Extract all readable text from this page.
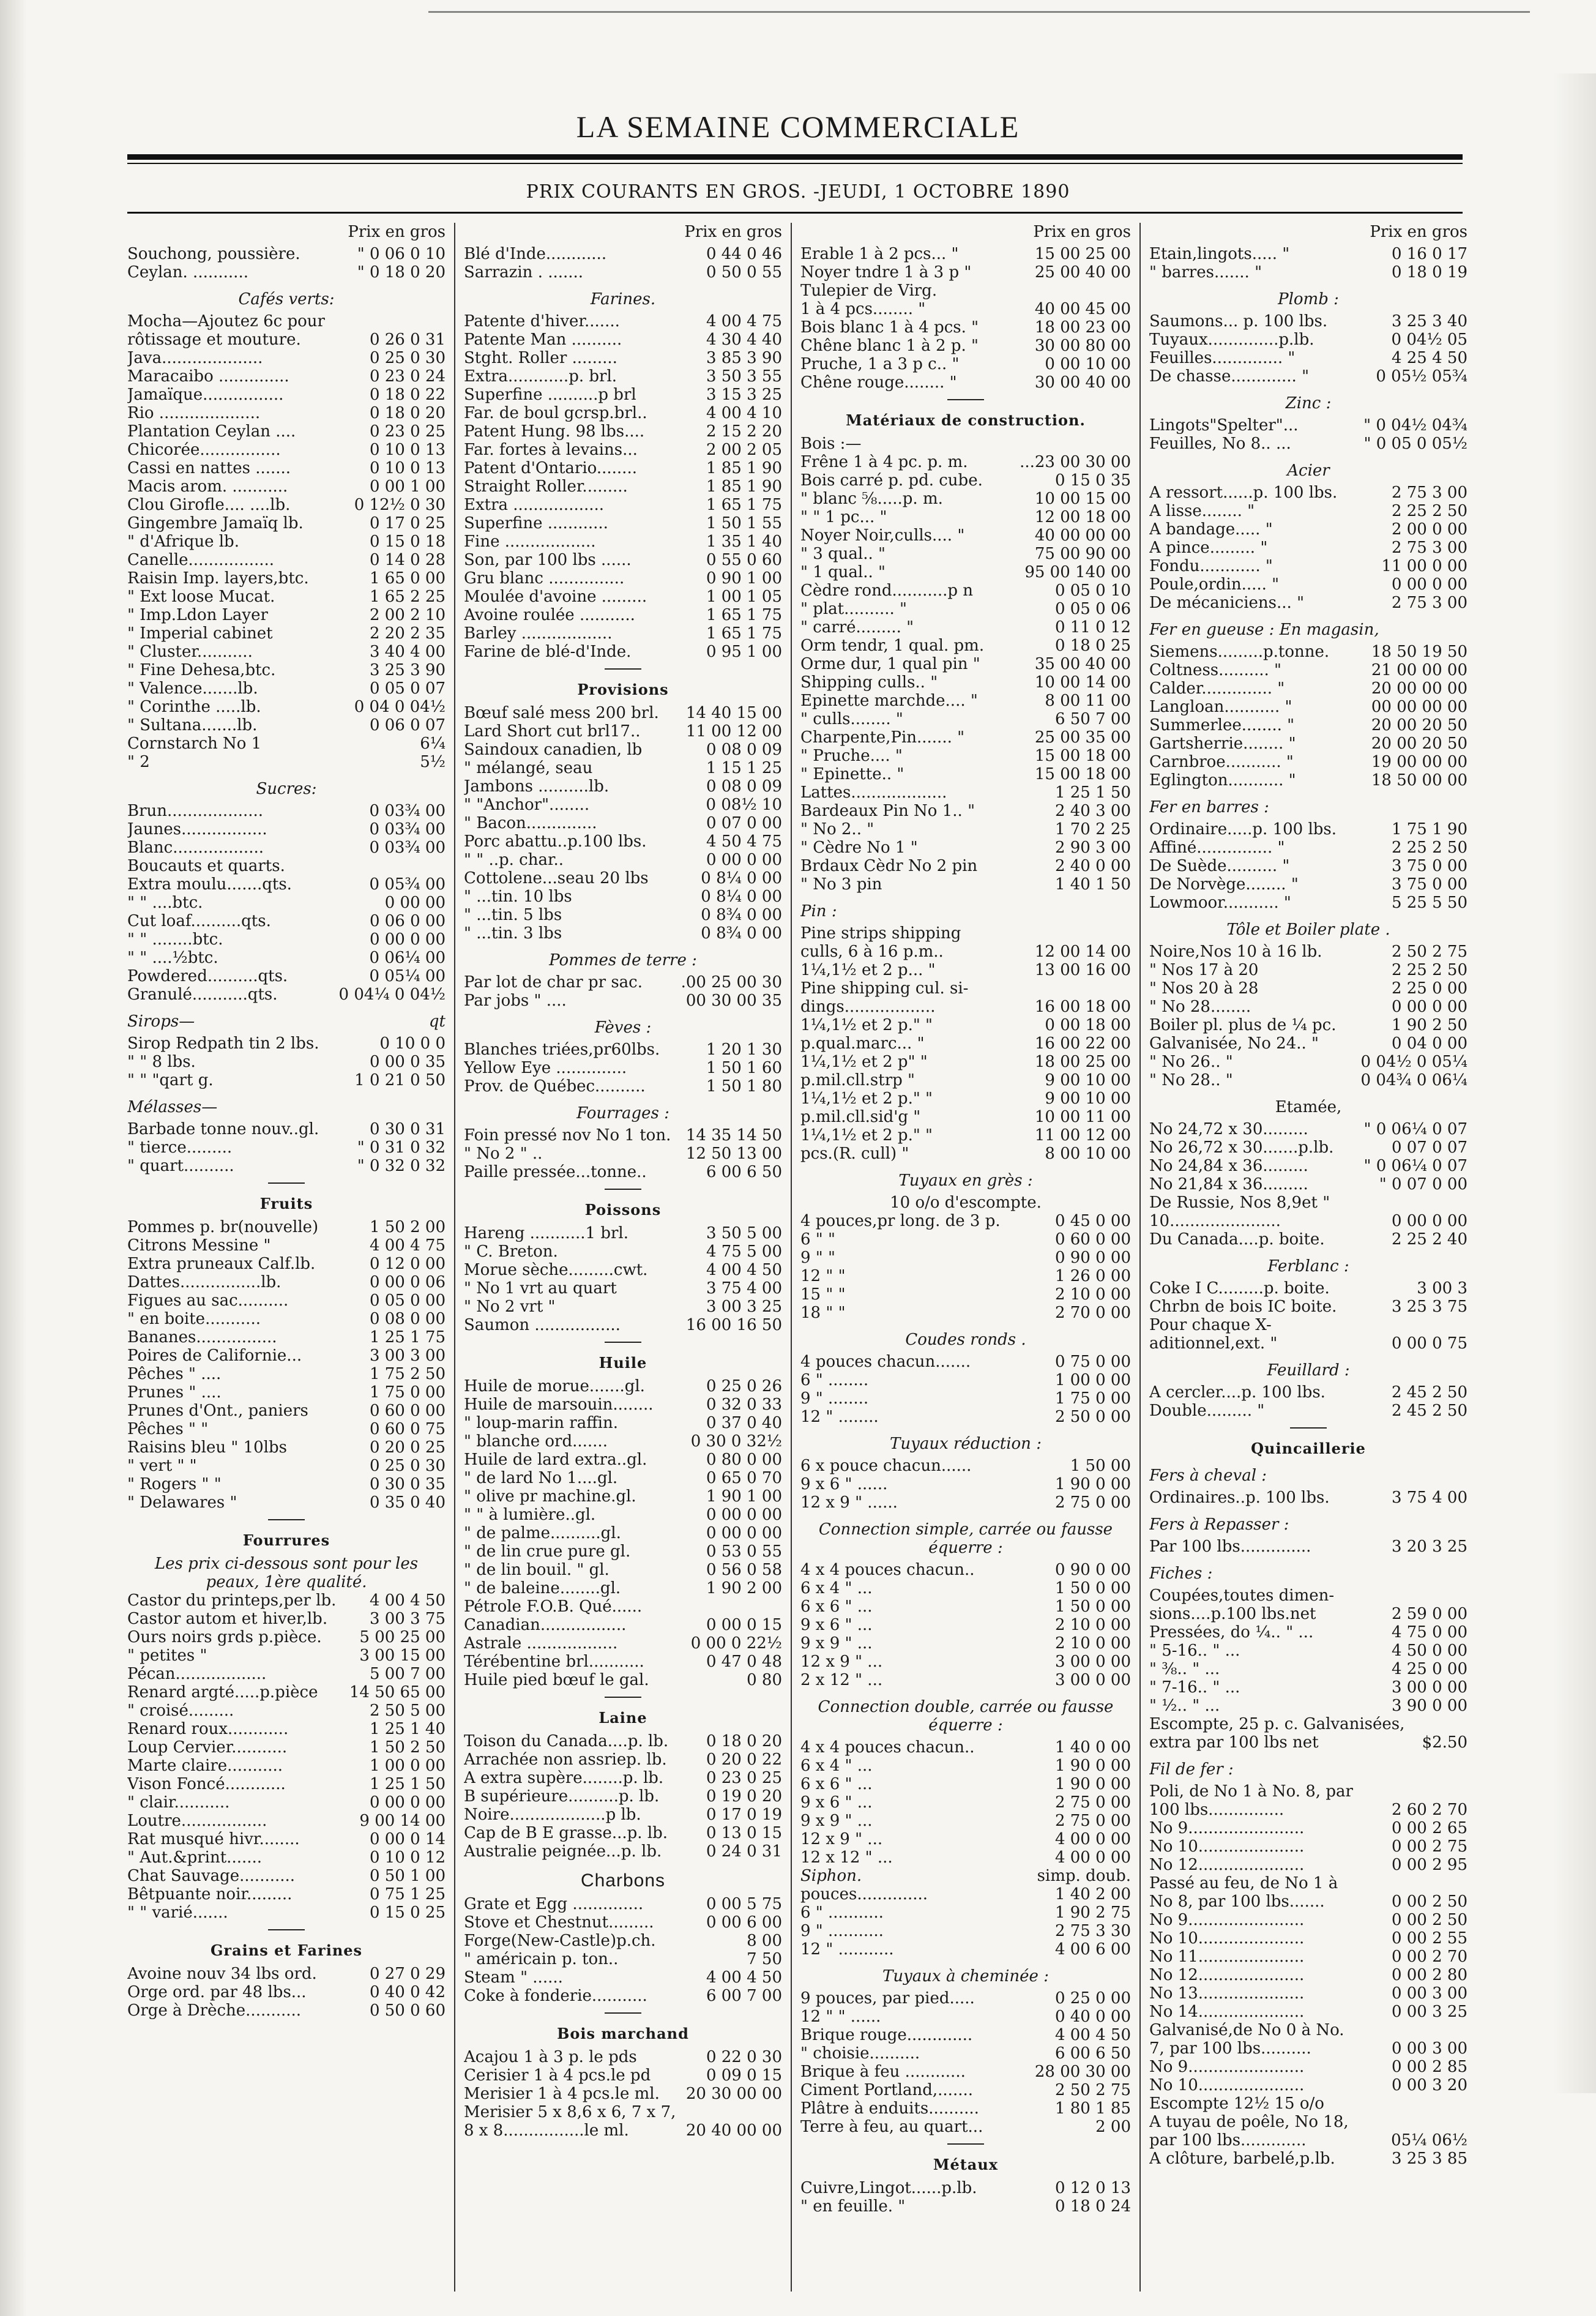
LA SEMAINE COMMERCIALE
PRIX COURANTS EN GROS. -JEUDI, 1 OCTOBRE 1890
Prix en gros
Souchong, poussière.	" 0 06 0 10
Ceylan. ...........	" 0 18 0 20
Cafés verts:
Mocha—Ajoutez 6c pour
rôtissage et mouture.	0 26 0 31
Java....................	0 25 0 30
Maracaibo ..............	0 23 0 24
Jamaïque................	0 18 0 22
Rio ....................	0 18 0 20
Plantation Ceylan ....	0 23 0 25
Chicorée................	0 10 0 13
Cassi en nattes .......	0 10 0 13
Macis arom. ...........	0 00 1 00
Clou Girofle.... ....lb.	0 12½ 0 30
Gingembre Jamaïq lb.	0 17 0 25
" d'Afrique lb.	0 15 0 18
Canelle.................	0 14 0 28
Raisin Imp. layers,btc.	1 65 0 00
" Ext loose Mucat.	1 65 2 25
" Imp.Ldon Layer	2 00 2 10
" Imperial cabinet	2 20 2 35
" Cluster...........	3 40 4 00
" Fine Dehesa,btc.	3 25 3 90
" Valence.......lb.	0 05 0 07
" Corinthe .....lb.	0 04 0 04½
" Sultana.......lb.	0 06 0 07
Cornstarch No 1	6¼
" 2	5½
Sucres:
Brun...................	0 03¾ 00
Jaunes.................	0 03¾ 00
Blanc..................	0 03¾ 00
Boucauts et quarts.
Extra moulu.......qts.	0 05¾ 00
" " ....btc.	0 00 00
Cut loaf..........qts.	0 06 0 00
" " ........btc.	0 00 0 00
" " ....½btc.	0 06¼ 00
Powdered..........qts.	0 05¼ 00
Granulé...........qts.	0 04¼ 0 04½
Sirops—	qt
Sirop Redpath tin 2 lbs.	0 10 0 0
" " 8 lbs.	0 00 0 35
" " "qart g.	1 0 21 0 50
Mélasses—
Barbade tonne nouv..gl.	0 30 0 31
" tierce.........	" 0 31 0 32
" quart..........	" 0 32 0 32
Fruits
Pommes p. br(nouvelle)	1 50 2 00
Citrons Messine "	4 00 4 75
Extra pruneaux Calf.lb.	0 12 0 00
Dattes................lb.	0 00 0 06
Figues au sac..........	0 05 0 00
" en boite...........	0 08 0 00
Bananes................	1 25 1 75
Poires de Californie...	3 00 3 00
Pêches " ....	1 75 2 50
Prunes " ....	1 75 0 00
Prunes d'Ont., paniers	0 60 0 00
Pêches " "	0 60 0 75
Raisins bleu " 10lbs	0 20 0 25
" vert " "	0 25 0 30
" Rogers " "	0 30 0 35
" Delawares "	0 35 0 40
Fourrures
Les prix ci-dessous sont pour les peaux, 1ère qualité.
Castor du printeps,per lb.	4 00 4 50
Castor autom et hiver,lb.	3 00 3 75
Ours noirs grds p.pièce.	5 00 25 00
" petites "	3 00 15 00
Pécan..................	5 00 7 00
Renard argté.....p.pièce	14 50 65 00
" croisé.........	2 50 5 00
Renard roux............	1 25 1 40
Loup Cervier...........	1 50 2 50
Marte claire...........	1 00 0 00
Vison Foncé............	1 25 1 50
" clair...........	0 00 0 00
Loutre.................	9 00 14 00
Rat musqué hivr........	0 00 0 14
" Aut.&print.......	0 10 0 12
Chat Sauvage...........	0 50 1 00
Bêtpuante noir.........	0 75 1 25
" " varié.......	0 15 0 25
Grains et Farines
Avoine nouv 34 lbs ord.	0 27 0 29
Orge ord. par 48 lbs...	0 40 0 42
Orge à Drèche...........	0 50 0 60
Prix en gros
Blé d'Inde............	0 44 0 46
Sarrazin . .......	0 50 0 55
Farines.
Patente d'hiver.......	4 00 4 75
Patente Man ..........	4 30 4 40
Stght. Roller .........	3 85 3 90
Extra............p. brl.	3 50 3 55
Superfine ..........p brl	3 15 3 25
Far. de boul gcrsp.brl..	4 00 4 10
Patent Hung. 98 lbs....	2 15 2 20
Far. fortes à levains...	2 00 2 05
Patent d'Ontario........	1 85 1 90
Straight Roller.........	1 85 1 90
Extra ..................	1 65 1 75
Superfine ............	1 50 1 55
Fine ..................	1 35 1 40
Son, par 100 lbs ......	0 55 0 60
Gru blanc ...............	0 90 1 00
Moulée d'avoine .........	1 00 1 05
Avoine roulée ...........	1 65 1 75
Barley ..................	1 65 1 75
Farine de blé-d'Inde.	0 95 1 00
Provisions
Bœuf salé mess 200 brl.	14 40 15 00
Lard Short cut brl17..	11 00 12 00
Saindoux canadien, lb	0 08 0 09
" mélangé, seau	1 15 1 25
Jambons ..........lb.	0 08 0 09
" "Anchor"........	0 08½ 10
" Bacon..............	0 07 0 00
Porc abattu..p.100 lbs.	4 50 4 75
" " ..p. char..	0 00 0 00
Cottolene...seau 20 lbs	0 8¼ 0 00
" ...tin. 10 lbs	0 8¼ 0 00
" ...tin. 5 lbs	0 8¾ 0 00
" ...tin. 3 lbs	0 8¾ 0 00
Pommes de terre :
Par lot de char pr sac.	.00 25 00 30
Par jobs " ....	00 30 00 35
Fèves :
Blanches triées,pr60lbs.	1 20 1 30
Yellow Eye ..............	1 50 1 60
Prov. de Québec..........	1 50 1 80
Fourrages :
Foin pressé nov No 1 ton. 14 35 14 50
" No 2 " ..	12 50 13 00
Paille pressée...tonne..	6 00 6 50
Poissons
Hareng ...........1 brl.	3 50 5 00
" C. Breton.	4 75 5 00
Morue sèche.........cwt.	4 00 4 50
" No 1 vrt au quart	3 75 4 00
" No 2 vrt "	3 00 3 25
Saumon .................	16 00 16 50
Huile
Huile de morue.......gl.	0 25 0 26
Huile de marsouin........	0 32 0 33
" loup-marin raffin.	0 37 0 40
" blanche ord.......	0 30 0 32½
Huile de lard extra..gl.	0 80 0 00
" de lard No 1....gl.	0 65 0 70
" olive pr machine.gl.	1 90 1 00
" " à lumière..gl.	0 00 0 00
" de palme..........gl.	0 00 0 00
" de lin crue pure gl.	0 53 0 55
" de lin bouil. " gl.	0 56 0 58
" de baleine........gl.	1 90 2 00
Pétrole F.O.B. Qué......
Canadian.................	0 00 0 15
Astrale ..................	0 00 0 22½
Térébentine brl...........	0 47 0 48
Huile pied bœuf le gal.	0 80
Laine
Toison du Canada....p. lb.	0 18 0 20
Arrachée non assriep. lb.	0 20 0 22
A extra supère........p. lb.	0 23 0 25
B supérieure..........p. lb.	0 19 0 20
Noire...................p lb.	0 17 0 19
Cap de B E grasse...p. lb.	0 13 0 15
Australie peignée...p. lb.	0 24 0 31
Charbons
Grate et Egg ..............	0 00 5 75
Stove et Chestnut.........	0 00 6 00
Forge(New-Castle)p.ch.	8 00
" américain p. ton..	7 50
Steam " ......	4 00 4 50
Coke à fonderie...........	6 00 7 00
Bois marchand
Acajou 1 à 3 p. le pds	0 22 0 30
Cerisier 1 à 4 pcs.le pd	0 09 0 15
Merisier 1 à 4 pcs.le ml.	20 30 00 00
Merisier 5 x 8,6 x 6, 7 x 7,
8 x 8................le ml.	20 40 00 00
Prix en gros
Erable 1 à 2 pcs... "	15 00 25 00
Noyer tndre 1 à 3 p "	25 00 40 00
Tulepier de Virg.
1 à 4 pcs........ "	40 00 45 00
Bois blanc 1 à 4 pcs. "	18 00 23 00
Chêne blanc 1 à 2 p. "	30 00 80 00
Pruche, 1 a 3 p c.. "	0 00 10 00
Chêne rouge........ "	30 00 40 00
Matériaux de construction.
Bois :—
Frêne 1 à 4 pc. p. m.	...23 00 30 00
Bois carré p. pd. cube.	0 15 0 35
" blanc ⅝.....p. m.	10 00 15 00
" " 1 pc... "	12 00 18 00
Noyer Noir,culls.... "	40 00 00 00
" 3 qual.. "	75 00 90 00
" 1 qual.. "	95 00 140 00
Cèdre rond...........p n	0 05 0 10
" plat.......... "	0 05 0 06
" carré......... "	0 11 0 12
Orm tendr, 1 qual. pm.	0 18 0 25
Orme dur, 1 qual pin "	35 00 40 00
Shipping culls.. "	10 00 14 00
Epinette marchde.... "	8 00 11 00
" culls........ "	6 50 7 00
Charpente,Pin....... "	25 00 35 00
" Pruche.... "	15 00 18 00
" Epinette.. "	15 00 18 00
Lattes...................	1 25 1 50
Bardeaux Pin No 1.. "	2 40 3 00
" No 2.. "	1 70 2 25
" Cèdre No 1 "	2 90 3 00
Brdaux Cèdr No 2 pin	2 40 0 00
" No 3 pin	1 40 1 50
Pin :
Pine strips shipping
culls, 6 à 16 p.m..	12 00 14 00
1¼,1½ et 2 p... "	13 00 16 00
Pine shipping cul. si-
dings..................	16 00 18 00
1¼,1½ et 2 p." "	0 00 18 00
p.qual.marc... "	16 00 22 00
1¼,1½ et 2 p" "	18 00 25 00
p.mil.cll.strp "	9 00 10 00
1¼,1½ et 2 p." "	9 00 10 00
p.mil.cll.sid'g "	10 00 11 00
1¼,1½ et 2 p." "	11 00 12 00
pcs.(R. cull) "	8 00 10 00
Tuyaux en grès :
10 o/o d'escompte.
4 pouces,pr long. de 3 p.	0 45 0 00
6 " "	0 60 0 00
9 " "	0 90 0 00
12 " "	1 26 0 00
15 " "	2 10 0 00
18 " "	2 70 0 00
Coudes ronds .
4 pouces chacun.......	0 75 0 00
6 " ........	1 00 0 00
9 " ........	1 75 0 00
12 " ........	2 50 0 00
Tuyaux réduction :
6 x pouce chacun......	1 50 00
9 x 6 " ......	1 90 0 00
12 x 9 " ......	2 75 0 00
Connection simple, carrée ou fausse équerre :
4 x 4 pouces chacun..	0 90 0 00
6 x 4 " ...	1 50 0 00
6 x 6 " ...	1 50 0 00
9 x 6 " ...	2 10 0 00
9 x 9 " ...	2 10 0 00
12 x 9 " ...	3 00 0 00
2 x 12 " ...	3 00 0 00
Connection double, carrée ou fausse équerre :
4 x 4 pouces chacun..	1 40 0 00
6 x 4 " ...	1 90 0 00
6 x 6 " ...	1 90 0 00
9 x 6 " ...	2 75 0 00
9 x 9 " ...	2 75 0 00
12 x 9 " ...	4 00 0 00
12 x 12 " ...	4 00 0 00
Siphon.	simp. doub.
pouces..............	1 40 2 00
6 " ...........	1 90 2 75
9 " ...........	2 75 3 30
12 " ...........	4 00 6 00
Tuyaux à cheminée :
9 pouces, par pied.....	0 25 0 00
12 " " ......	0 40 0 00
Brique rouge.............	4 00 4 50
" choisie..........	6 00 6 50
Brique à feu ............	28 00 30 00
Ciment Portland,.......	2 50 2 75
Plâtre à enduits..........	1 80 1 85
Terre à feu, au quart...	2 00
Métaux
Cuivre,Lingot......p.lb.	0 12 0 13
" en feuille. "	0 18 0 24
Prix en gros
Etain,lingots..... "	0 16 0 17
" barres....... "	0 18 0 19
Plomb :
Saumons... p. 100 lbs.	3 25 3 40
Tuyaux..............p.lb.	0 04½ 05
Feuilles.............. "	4 25 4 50
De chasse............. "	0 05½ 05¾
Zinc :
Lingots"Spelter"...	" 0 04½ 04¾
Feuilles, No 8.. ...	" 0 05 0 05½
Acier
A ressort......p. 100 lbs.	2 75 3 00
A lisse........ "	2 25 2 50
A bandage..... "	2 00 0 00
A pince......... "	2 75 3 00
Fondu............ "	11 00 0 00
Poule,ordin..... "	0 00 0 00
De mécaniciens... "	2 75 3 00
Fer en gueuse : En magasin,
Siemens.........p.tonne.	18 50 19 50
Coltness.......... "	21 00 00 00
Calder.............. "	20 00 00 00
Langloan........... "	00 00 00 00
Summerlee........ "	20 00 20 50
Gartsherrie........ "	20 00 20 50
Carnbroe........... "	19 00 00 00
Eglington........... "	18 50 00 00
Fer en barres :
Ordinaire.....p. 100 lbs.	1 75 1 90
Affiné............... "	2 25 2 50
De Suède.......... "	3 75 0 00
De Norvège........ "	3 75 0 00
Lowmoor........... "	5 25 5 50
Tôle et Boiler plate .
Noire,Nos 10 à 16 lb.	2 50 2 75
" Nos 17 à 20	2 25 2 50
" Nos 20 à 28	2 25 0 00
" No 28........	0 00 0 00
Boiler pl. plus de ¼ pc.	1 90 2 50
Galvanisée, No 24.. "	0 04 0 00
" No 26.. "	0 04½ 0 05¼
" No 28.. "	0 04¾ 0 06¼
Etamée,
No 24,72 x 30.........	" 0 06¼ 0 07
No 26,72 x 30.......p.lb.	0 07 0 07
No 24,84 x 36.........	" 0 06¼ 0 07
No 21,84 x 36.........	" 0 07 0 00
De Russie, Nos 8,9et "
10......................	0 00 0 00
Du Canada....p. boite.	2 25 2 40
Ferblanc :
Coke I C.........p. boite.	3 00 3
Chrbn de bois IC boite.	3 25 3 75
Pour chaque X-
aditionnel,ext. "	0 00 0 75
Feuillard :
A cercler....p. 100 lbs.	2 45 2 50
Double......... "	2 45 2 50
Quincaillerie
Fers à cheval :
Ordinaires..p. 100 lbs.	3 75 4 00
Fers à Repasser :
Par 100 lbs..............	3 20 3 25
Fiches :
Coupées,toutes dimen-
sions....p.100 lbs.net	2 59 0 00
Pressées, do ¼.. " ...	4 75 0 00
" 5-16.. " ...	4 50 0 00
" ⅜.. " ...	4 25 0 00
" 7-16.. " ...	3 00 0 00
" ½.. " ...	3 90 0 00
Escompte, 25 p. c. Galvanisées,
extra par 100 lbs net	$2.50
Fil de fer :
Poli, de No 1 à No. 8, par
100 lbs...............	2 60 2 70
No 9.......................	0 00 2 65
No 10.....................	0 00 2 75
No 12.....................	0 00 2 95
Passé au feu, de No 1 à
No 8, par 100 lbs.......	0 00 2 50
No 9.......................	0 00 2 50
No 10.....................	0 00 2 55
No 11.....................	0 00 2 70
No 12.....................	0 00 2 80
No 13.....................	0 00 3 00
No 14.....................	0 00 3 25
Galvanisé,de No 0 à No.
7, par 100 lbs..........	0 00 3 00
No 9.......................	0 00 2 85
No 10.....................	0 00 3 20
Escompte 12½ 15 o/o
A tuyau de poêle, No 18,
par 100 lbs.............	05¼ 06½
A clôture, barbelé,p.lb.	3 25 3 85
